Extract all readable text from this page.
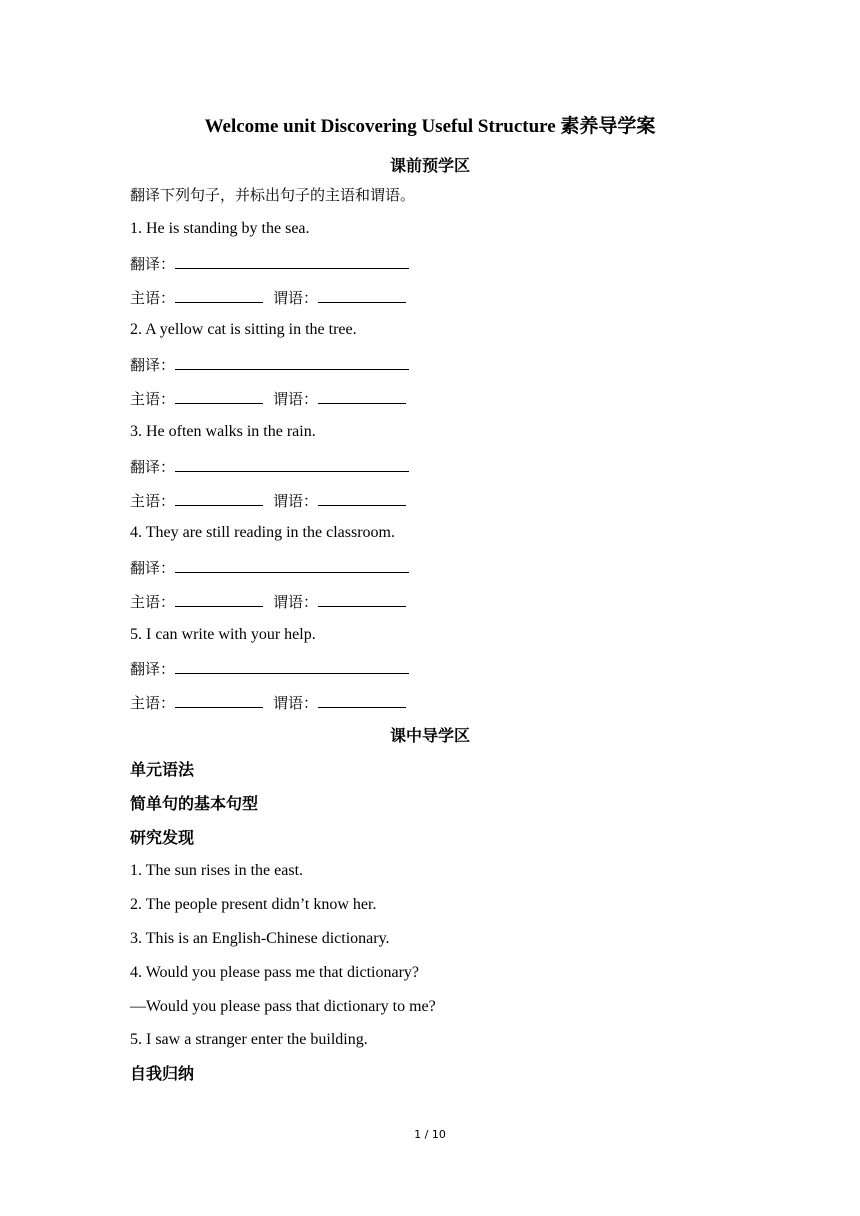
Welcome unit Discovering Useful Structure 素养导学案
课前预学区
翻译下列句子，并标出句子的主语和谓语。
1. He is standing by the sea.
翻译：
主语：	谓语：
2. A yellow cat is sitting in the tree.
翻译：
主语：	谓语：
3. He often walks in the rain.
翻译：
主语：	谓语：
4. They are still reading in the classroom.
翻译：
主语：	谓语：
5. I can write with your help.
翻译：
主语：	谓语：
课中导学区
单元语法
简单句的基本句型
研究发现
1. The sun rises in the east.
2. The people present didn’t know her.
3. This is an English-Chinese dictionary.
4. Would you please pass me that dictionary?
—Would you please pass that dictionary to me?
5. I saw a stranger enter the building.
自我归纳
1 / 10
